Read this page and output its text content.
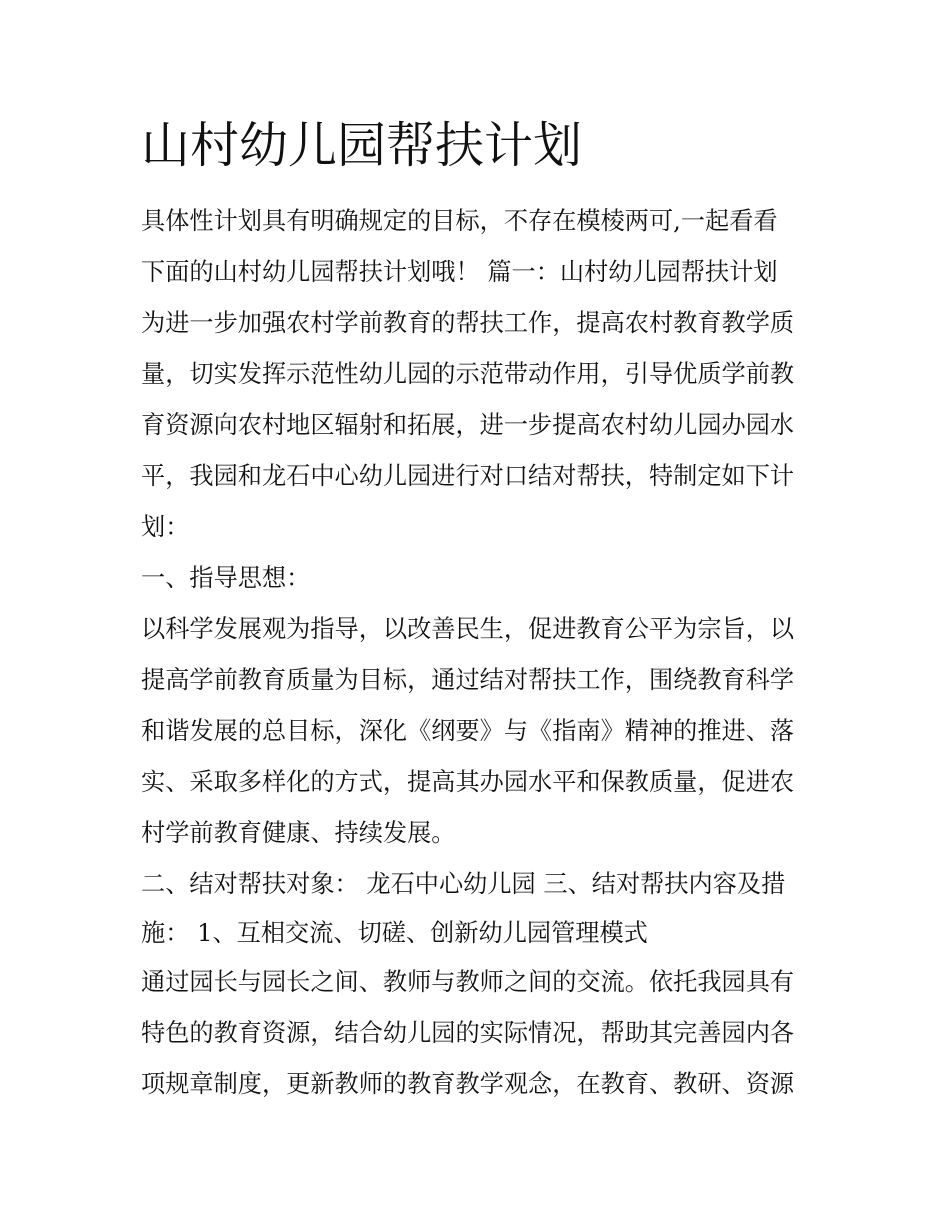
山村幼儿园帮扶计划
具体性计划具有明确规定的目标，不存在模棱两可,一起看看
下面的山村幼儿园帮扶计划哦！ 篇一：山村幼儿园帮扶计划
为进一步加强农村学前教育的帮扶工作，提高农村教育教学质
量，切实发挥示范性幼儿园的示范带动作用，引导优质学前教
育资源向农村地区辐射和拓展，进一步提高农村幼儿园办园水
平，我园和龙石中心幼儿园进行对口结对帮扶，特制定如下计
划：
一、指导思想：
以科学发展观为指导，以改善民生，促进教育公平为宗旨，以
提高学前教育质量为目标，通过结对帮扶工作，围绕教育科学
和谐发展的总目标，深化《纲要》与《指南》精神的推进、落
实、采取多样化的方式，提高其办园水平和保教质量，促进农
村学前教育健康、持续发展。
二、结对帮扶对象： 龙石中心幼儿园 三、结对帮扶内容及措
施： 1、互相交流、切磋、创新幼儿园管理模式
通过园长与园长之间、教师与教师之间的交流。依托我园具有
特色的教育资源，结合幼儿园的实际情况，帮助其完善园内各
项规章制度，更新教师的教育教学观念，在教育、教研、资源
